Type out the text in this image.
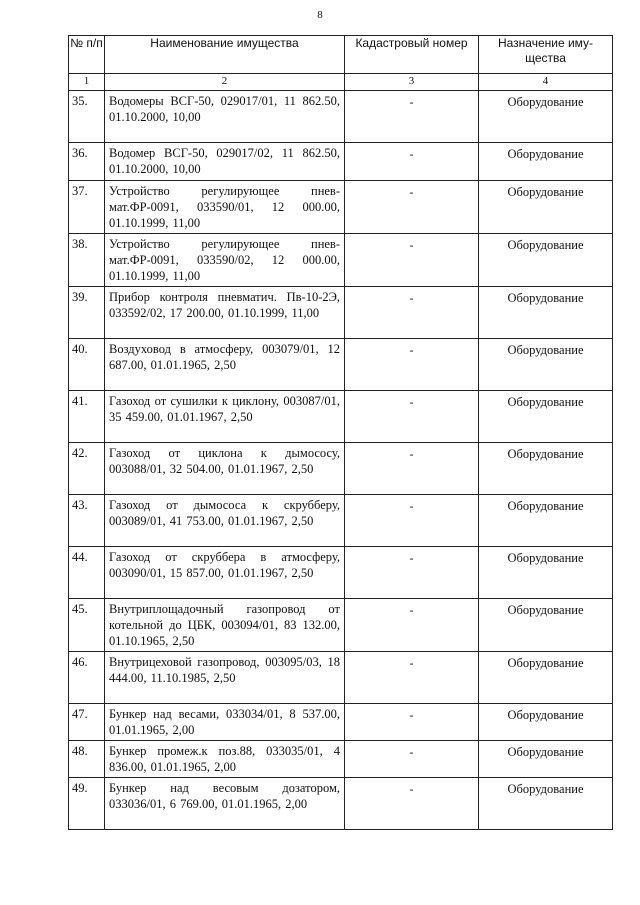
8
№ п/п	Наименование имущества	Кадастровый номер	Назначение иму- щества
1	2	3	4
35.	Водомеры ВСГ-50, 029017/01, 11 862.50, 01.10.2000, 10,00	-	Оборудование
36.	Водомер ВСГ-50, 029017/02, 11 862.50, 01.10.2000, 10,00	-	Оборудование
37.	Устройство регулирующее пнев-мат.ФР-0091, 033590/01, 12 000.00, 01.10.1999, 11,00	-	Оборудование
38.	Устройство регулирующее пнев-мат.ФР-0091, 033590/02, 12 000.00, 01.10.1999, 11,00	-	Оборудование
39.	Прибор контроля пневматич. Пв-10-2Э, 033592/02, 17 200.00, 01.10.1999, 11,00	-	Оборудование
40.	Воздуховод в атмосферу, 003079/01, 12 687.00, 01.01.1965, 2,50	-	Оборудование
41.	Газоход от сушилки к циклону, 003087/01, 35 459.00, 01.01.1967, 2,50	-	Оборудование
42.	Газоход от циклона к дымососу, 003088/01, 32 504.00, 01.01.1967, 2,50	-	Оборудование
43.	Газоход от дымососа к скрубберу, 003089/01, 41 753.00, 01.01.1967, 2,50	-	Оборудование
44.	Газоход от скруббера в атмосферу, 003090/01, 15 857.00, 01.01.1967, 2,50	-	Оборудование
45.	Внутриплощадочный газопровод от котельной до ЦБК, 003094/01, 83 132.00, 01.10.1965, 2,50	-	Оборудование
46.	Внутрицеховой газопровод, 003095/03, 18 444.00, 11.10.1985, 2,50	-	Оборудование
47.	Бункер над весами, 033034/01, 8 537.00, 01.01.1965, 2,00	-	Оборудование
48.	Бункер промеж.к поз.88, 033035/01, 4 836.00, 01.01.1965, 2,00	-	Оборудование
49.	Бункер над весовым дозатором, 033036/01, 6 769.00, 01.01.1965, 2,00	-	Оборудование
